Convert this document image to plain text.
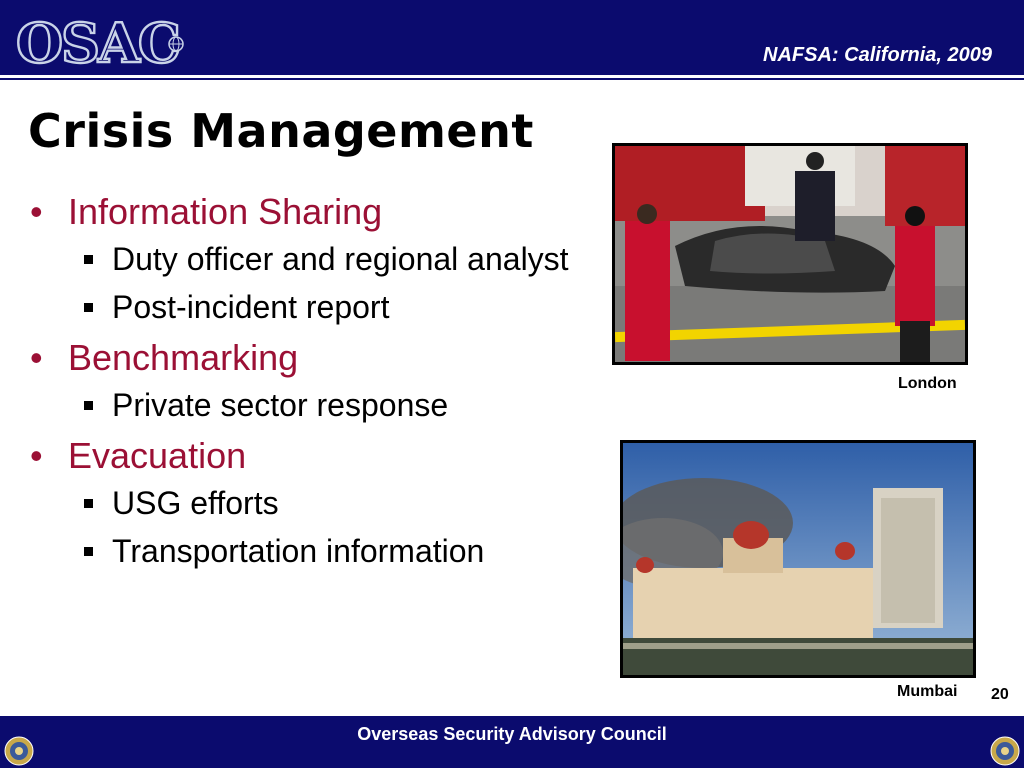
OSAC	NAFSA: California, 2009
Crisis Management
• Information Sharing
Duty officer and regional analyst
Post-incident report
• Benchmarking
Private sector response
• Evacuation
USG efforts
Transportation information
London
Mumbai 20
Overseas Security Advisory Council
